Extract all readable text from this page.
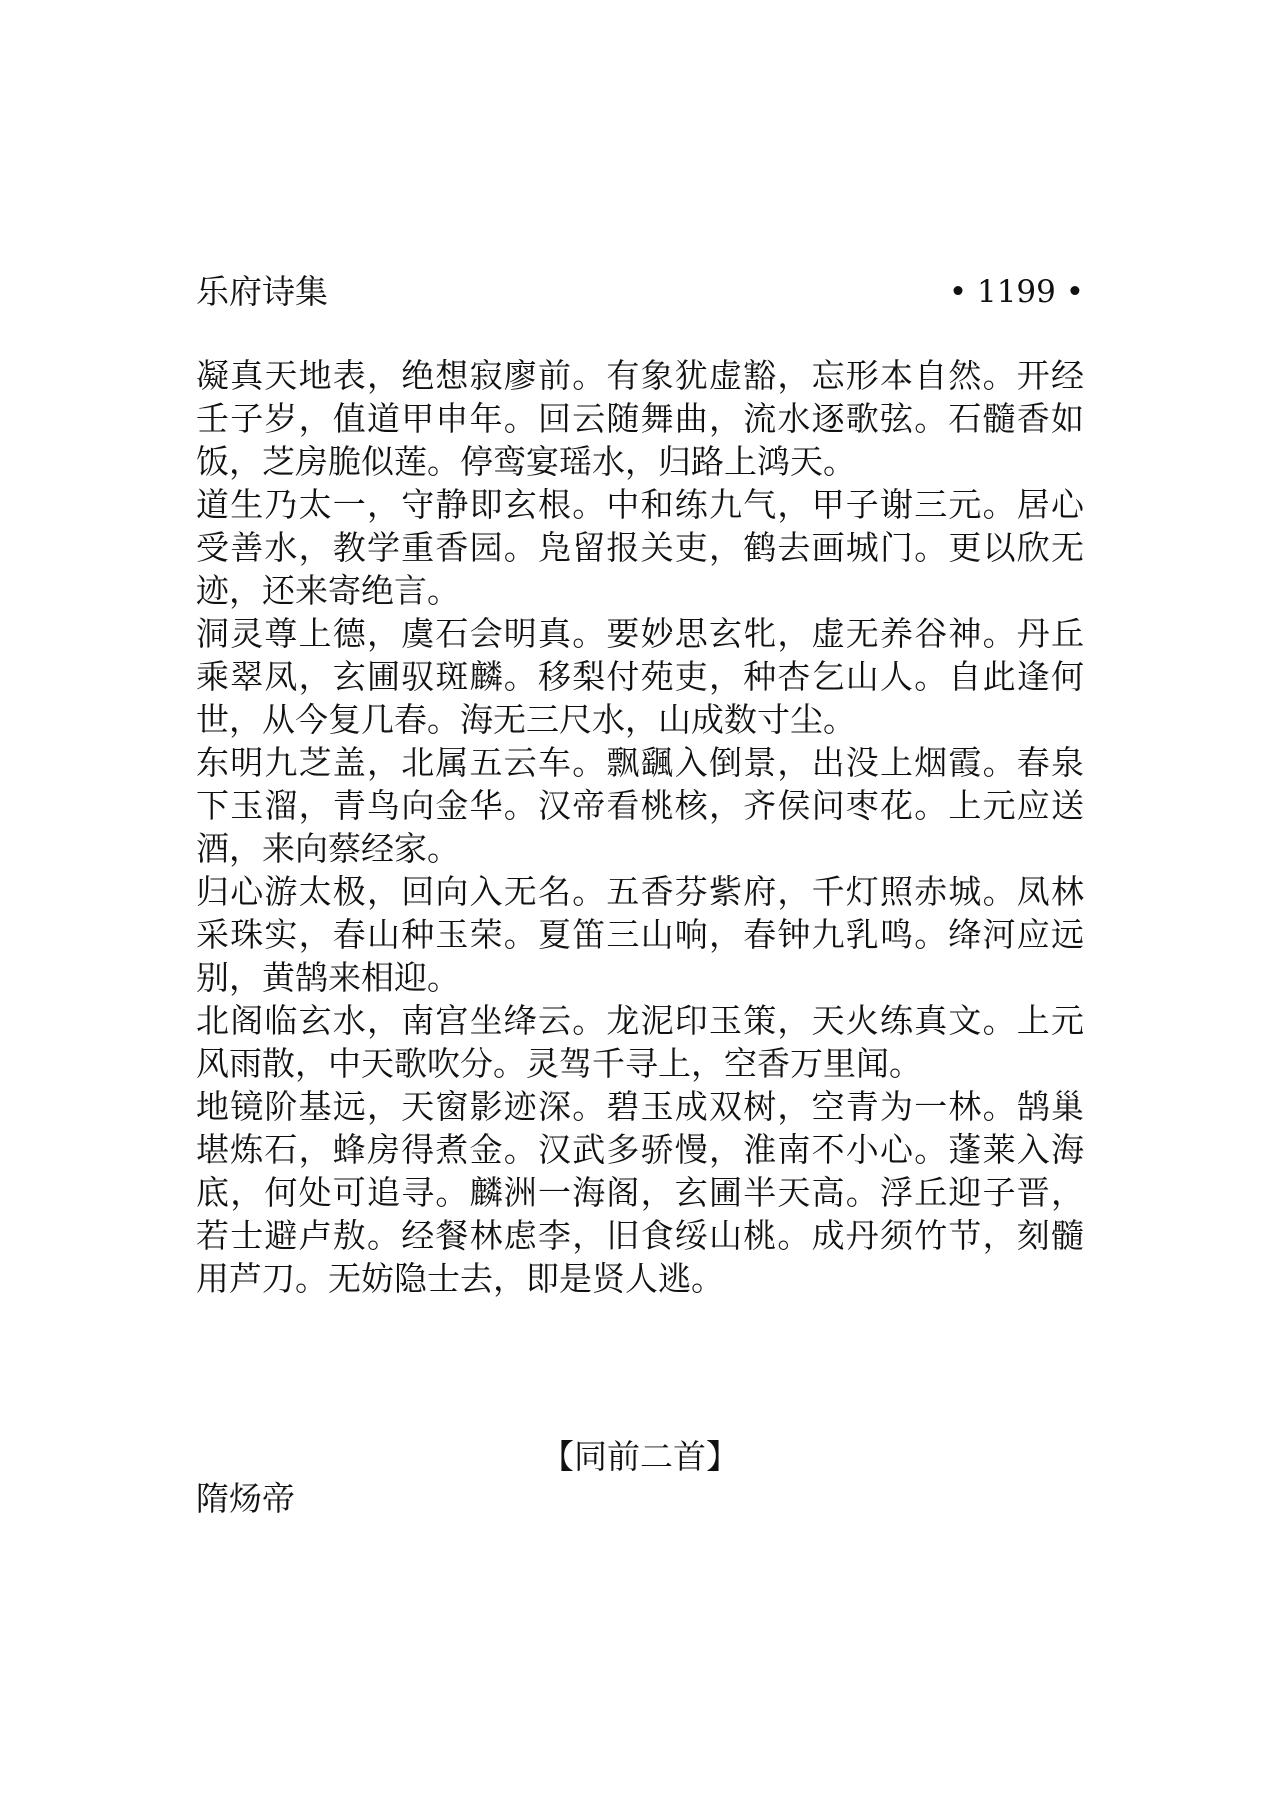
乐府诗集	• 1199 •

凝真天地表，绝想寂廖前。有象犹虚豁，忘形本自然。开经壬子岁，值道甲申年。回云随舞曲，流水逐歌弦。石髓香如饭，芝房脆似莲。停鸾宴瑶水，归路上鸿天。

道生乃太一，守静即玄根。中和练九气，甲子谢三元。居心受善水，教学重香园。凫留报关吏，鹤去画城门。更以欣无迹，还来寄绝言。

洞灵尊上德，虞石会明真。要妙思玄牝，虚无养谷神。丹丘乘翠凤，玄圃驭斑麟。移梨付苑吏，种杏乞山人。自此逢何世，从今复几春。海无三尺水，山成数寸尘。

东明九芝盖，北属五云车。飘颻入倒景，出没上烟霞。春泉下玉溜，青鸟向金华。汉帝看桃核，齐侯问枣花。上元应送酒，来向蔡经家。

归心游太极，回向入无名。五香芬紫府，千灯照赤城。凤林采珠实，春山种玉荣。夏笛三山响，春钟九乳鸣。绛河应远别，黄鹄来相迎。

北阁临玄水，南宫坐绛云。龙泥印玉策，天火练真文。上元风雨散，中天歌吹分。灵驾千寻上，空香万里闻。

地镜阶基远，天窗影迹深。碧玉成双树，空青为一林。鹄巢堪炼石，蜂房得煮金。汉武多骄慢，淮南不小心。蓬莱入海底，何处可追寻。麟洲一海阁，玄圃半天高。浮丘迎子晋，若士避卢敖。经餐林虑李，旧食绥山桃。成丹须竹节，刻髓用芦刀。无妨隐士去，即是贤人逃。

【同前二首】
隋炀帝
